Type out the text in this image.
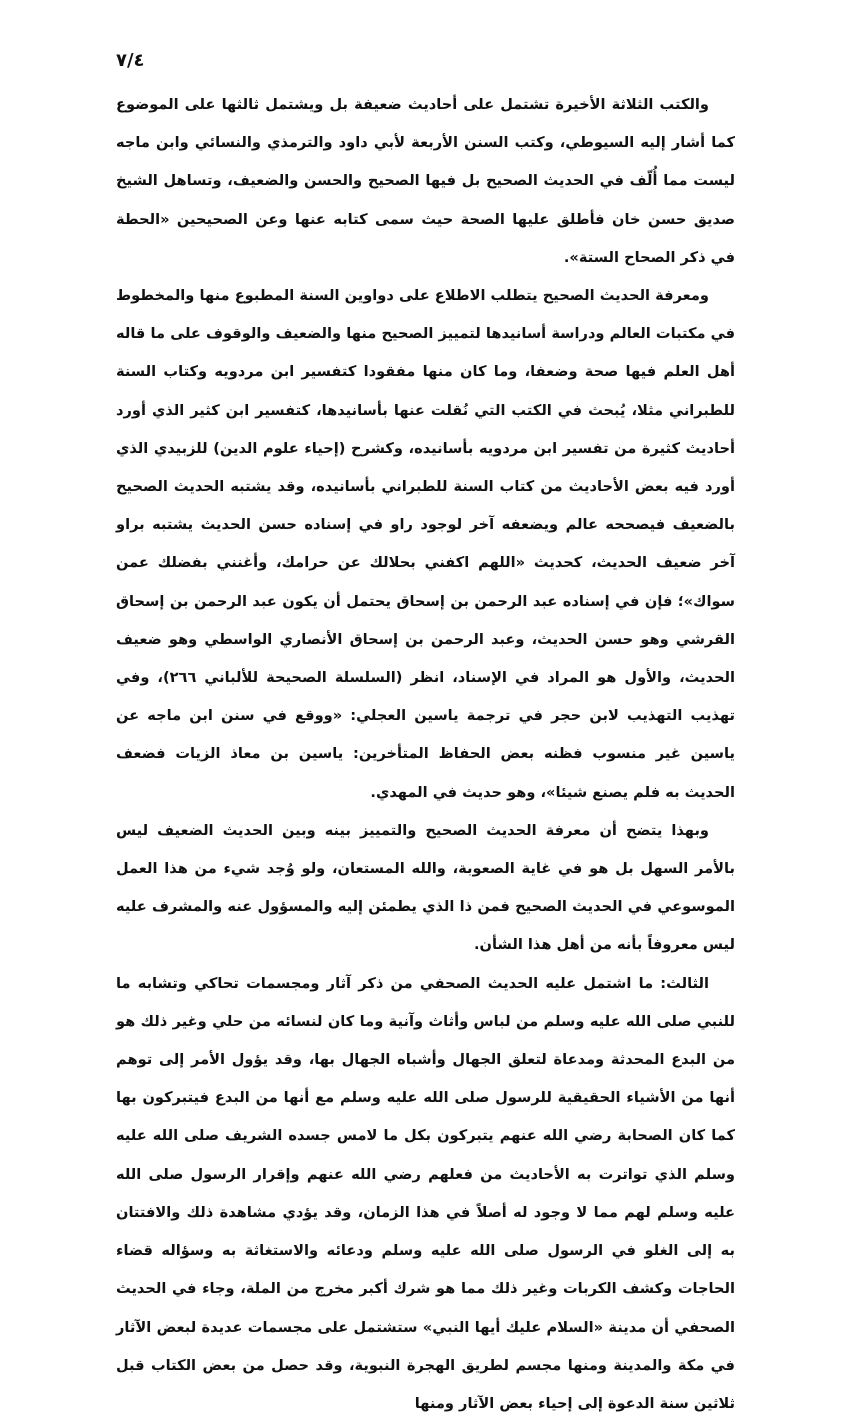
٧/٤

والكتب الثلاثة الأخيرة تشتمل على أحاديث ضعيفة بل ويشتمل ثالثها على الموضوع كما أشار إليه السيوطي، وكتب السنن الأربعة لأبي داود والترمذي والنسائي وابن ماجه ليست مما أُلّف في الحديث الصحيح بل فيها الصحيح والحسن والضعيف، وتساهل الشيخ صديق حسن خان فأطلق عليها الصحة حيث سمى كتابه عنها وعن الصحيحين «الحطة في ذكر الصحاح الستة».

ومعرفة الحديث الصحيح يتطلب الاطلاع على دواوين السنة المطبوع منها والمخطوط في مكتبات العالم ودراسة أسانيدها لتمييز الصحيح منها والضعيف والوقوف على ما قاله أهل العلم فيها صحة وضعفا، وما كان منها مفقودا كتفسير ابن مردويه وكتاب السنة للطبراني مثلا، يُبحث في الكتب التي نُقلت عنها بأسانيدها، كتفسير ابن كثير الذي أورد أحاديث كثيرة من تفسير ابن مردويه بأسانيده، وكشرح (إحياء علوم الدين) للزبيدي الذي أورد فيه بعض الأحاديث من كتاب السنة للطبراني بأسانيده، وقد يشتبه الحديث الصحيح بالضعيف فيصححه عالم ويضعفه آخر لوجود راو في إسناده حسن الحديث يشتبه براو آخر ضعيف الحديث، كحديث «اللهم اكفني بحلالك عن حرامك، وأغنني بفضلك عمن سواك»؛ فإن في إسناده عبد الرحمن بن إسحاق يحتمل أن يكون عبد الرحمن بن إسحاق القرشي وهو حسن الحديث، وعبد الرحمن بن إسحاق الأنصاري الواسطي وهو ضعيف الحديث، والأول هو المراد في الإسناد، انظر (السلسلة الصحيحة للألباني ٢٦٦)، وفي تهذيب التهذيب لابن حجر في ترجمة ياسين العجلي: «ووقع في سنن ابن ماجه عن ياسين غير منسوب فظنه بعض الحفاظ المتأخرين: ياسين بن معاذ الزيات فضعف الحديث به فلم يصنع شيئا»، وهو حديث في المهدي.

وبهذا يتضح أن معرفة الحديث الصحيح والتمييز بينه وبين الحديث الضعيف ليس بالأمر السهل بل هو في غاية الصعوبة، والله المستعان، ولو وُجد شيء من هذا العمل الموسوعي في الحديث الصحيح فمن ذا الذي يطمئن إليه والمسؤول عنه والمشرف عليه ليس معروفاً بأنه من أهل هذا الشأن.

الثالث: ما اشتمل عليه الحديث الصحفي من ذكر آثار ومجسمات تحاكي وتشابه ما للنبي صلى الله عليه وسلم من لباس وأثاث وآنية وما كان لنسائه من حلي وغير ذلك هو من البدع المحدثة ومدعاة لتعلق الجهال وأشباه الجهال بها، وقد يؤول الأمر إلى توهم أنها من الأشياء الحقيقية للرسول صلى الله عليه وسلم مع أنها من البدع فيتبركون بها كما كان الصحابة رضي الله عنهم يتبركون بكل ما لامس جسده الشريف صلى الله عليه وسلم الذي تواترت به الأحاديث من فعلهم رضي الله عنهم وإقرار الرسول صلى الله عليه وسلم لهم مما لا وجود له أصلاً في هذا الزمان، وقد يؤدي مشاهدة ذلك والافتتان به إلى الغلو في الرسول صلى الله عليه وسلم ودعائه والاستغاثة به وسؤاله قضاء الحاجات وكشف الكربات وغير ذلك مما هو شرك أكبر مخرج من الملة، وجاء في الحديث الصحفي أن مدينة «السلام عليك أيها النبي» ستشتمل على مجسمات عديدة لبعض الآثار في مكة والمدينة ومنها مجسم لطريق الهجرة النبوية، وقد حصل من بعض الكتاب قبل ثلاثين سنة الدعوة إلى إحياء بعض الآثار ومنها
